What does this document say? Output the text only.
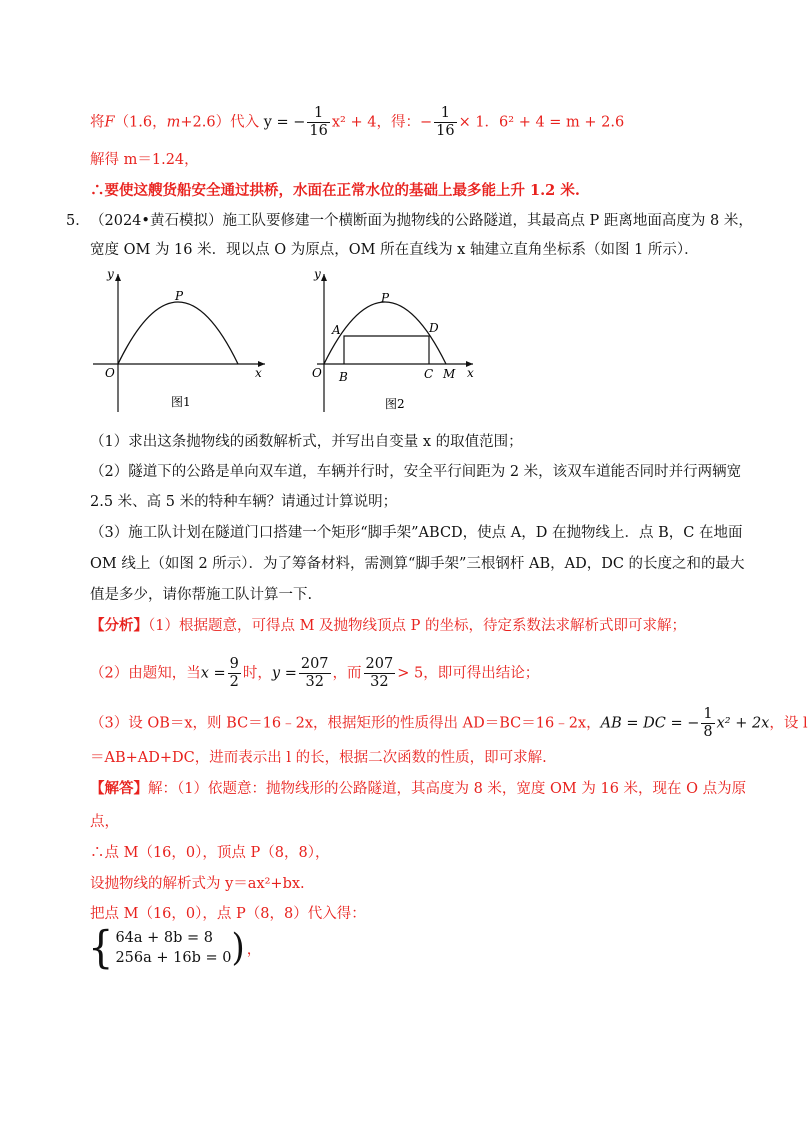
将F（1.6，m+2.6）代入 y = − $\frac{1}{16} x^2 + 4$，得：− $\frac{1}{16} \times 1$．6² + 4 = m + 2.6
解得 m＝1.24，
∴要使这艘货船安全通过拱桥，水面在正常水位的基础上最多能上升 1.2 米.
5． （2024•黄石模拟）施工队要修建一个横断面为抛物线的公路隧道，其最高点 P 距离地面高度为 8 米，
宽度 OM 为 16 米．现以点 O 为原点，OM 所在直线为 x 轴建立直角坐标系（如图 1 所示）．
y
x
O
P
图1
y
x
O
P
A	D
B	C M
图2
（1）求出这条抛物线的函数解析式，并写出自变量 x 的取值范围；
（2）隧道下的公路是单向双车道，车辆并行时，安全平行间距为 2 米，该双车道能否同时并行两辆宽
2.5 米、高 5 米的特种车辆？请通过计算说明；
（3）施工队计划在隧道门口搭建一个矩形“脚手架”ABCD，使点 A，D 在抛物线上．点 B，C 在地面
OM 线上（如图 2 所示）．为了筹备材料，需测算“脚手架”三根钢杆 AB，AD，DC 的长度之和的最大
值是多少，请你帮施工队计算一下.
【分析】（1）根据题意，可得点 M 及抛物线顶点 P 的坐标，待定系数法求解析式即可求解；
（2）由题知，当$x = \frac{9}{2}$ 时，$y = \frac{207}{32}$ ，而 $\frac{207}{32} > 5$，即可得出结论；
（3）设 OB＝x，则 BC＝16﹣2x，根据矩形的性质得出 AD＝BC＝16﹣2x，AB = DC = − $\frac{1}{8} x^2 + 2x$，设 l
＝AB+AD+DC，进而表示出 l 的长，根据二次函数的性质，即可求解.
【解答】解：（1）依题意：抛物线形的公路隧道，其高度为 8 米，宽度 OM 为 16 米，现在 O 点为原
点，
∴点 M（16，0），顶点 P（8，8），
设抛物线的解析式为 y＝ax²+bx.
把点 M（16，0），点 P（8，8）代入得：
{ 64a + 8b = 8
256a + 16b = 0 ) ，
